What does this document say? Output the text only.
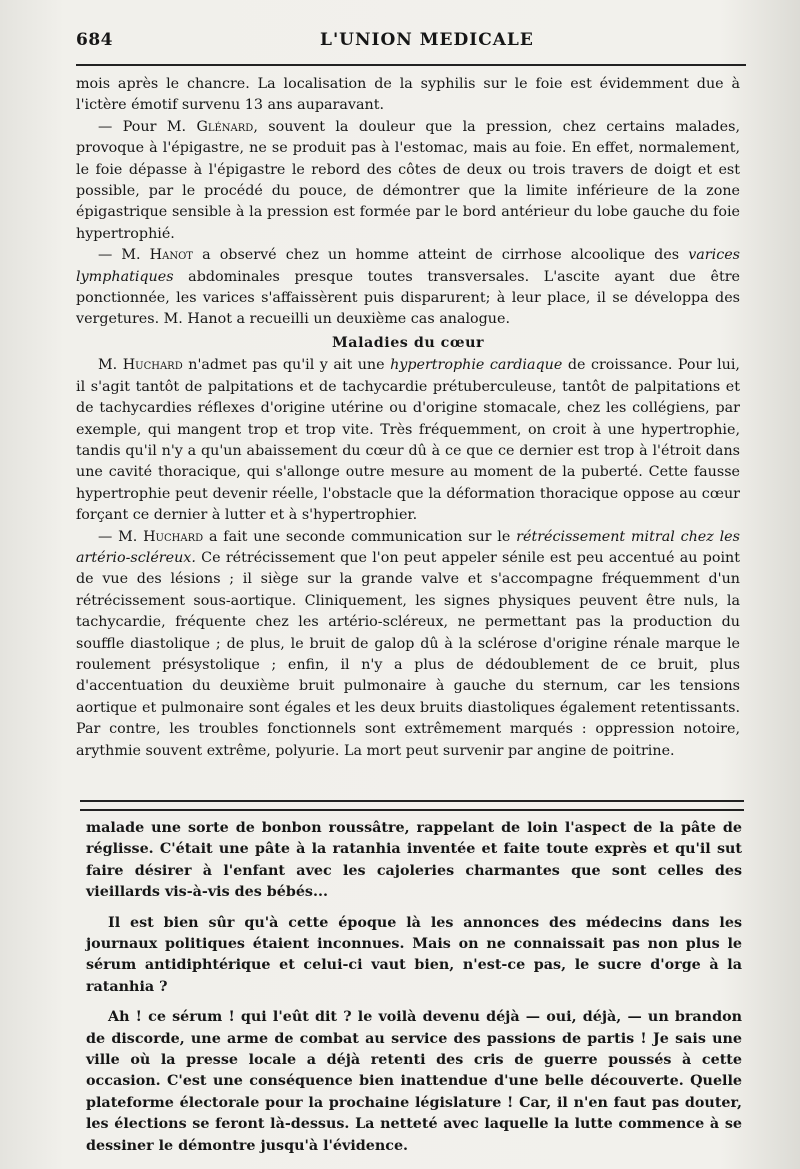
684	L'UNION MEDICALE

mois après le chancre. La localisation de la syphilis sur le foie est évidemment due à l'ictère émotif survenu 13 ans auparavant.

— Pour M. Glénard, souvent la douleur que la pression, chez certains malades, provoque à l'épigastre, ne se produit pas à l'estomac, mais au foie. En effet, normalement, le foie dépasse à l'épigastre le rebord des côtes de deux ou trois travers de doigt et est possible, par le procédé du pouce, de démontrer que la limite inférieure de la zone épigastrique sensible à la pression est formée par le bord antérieur du lobe gauche du foie hypertrophié.

— M. Hanot a observé chez un homme atteint de cirrhose alcoolique des varices lymphatiques abdominales presque toutes transversales. L'ascite ayant due être ponctionnée, les varices s'affaissèrent puis disparurent; à leur place, il se développa des vergetures. M. Hanot a recueilli un deuxième cas analogue.

Maladies du cœur

M. Huchard n'admet pas qu'il y ait une hypertrophie cardiaque de croissance. Pour lui, il s'agit tantôt de palpitations et de tachycardie prétuberculeuse, tantôt de palpitations et de tachycardies réflexes d'origine utérine ou d'origine stomacale, chez les collégiens, par exemple, qui mangent trop et trop vite. Très fréquemment, on croit à une hypertrophie, tandis qu'il n'y a qu'un abaissement du cœur dû à ce que ce dernier est trop à l'étroit dans une cavité thoracique, qui s'allonge outre mesure au moment de la puberté. Cette fausse hypertrophie peut devenir réelle, l'obstacle que la déformation thoracique oppose au cœur forçant ce dernier à lutter et à s'hypertrophier.

— M. Huchard a fait une seconde communication sur le rétrécissement mitral chez les artério-scléreux. Ce rétrécissement que l'on peut appeler sénile est peu accentué au point de vue des lésions ; il siège sur la grande valve et s'accompagne fréquemment d'un rétrécissement sous-aortique. Cliniquement, les signes physiques peuvent être nuls, la tachycardie, fréquente chez les artério-scléreux, ne permettant pas la production du souffle diastolique ; de plus, le bruit de galop dû à la sclérose d'origine rénale marque le roulement présystolique ; enfin, il n'y a plus de dédoublement de ce bruit, plus d'accentuation du deuxième bruit pulmonaire à gauche du sternum, car les tensions aortique et pulmonaire sont égales et les deux bruits diastoliques également retentissants. Par contre, les troubles fonctionnels sont extrêmement marqués : oppression notoire, arythmie souvent extrême, polyurie. La mort peut survenir par angine de poitrine.

malade une sorte de bonbon roussâtre, rappelant de loin l'aspect de la pâte de réglisse. C'était une pâte à la ratanhia inventée et faite toute exprès et qu'il sut faire désirer à l'enfant avec les cajoleries charmantes que sont celles des vieillards vis-à-vis des bébés...

Il est bien sûr qu'à cette époque là les annonces des médecins dans les journaux politiques étaient inconnues. Mais on ne connaissait pas non plus le sérum antidiphtérique et celui-ci vaut bien, n'est-ce pas, le sucre d'orge à la ratanhia ?

Ah ! ce sérum ! qui l'eût dit ? le voilà devenu déjà — oui, déjà, — un brandon de discorde, une arme de combat au service des passions de partis ! Je sais une ville où la presse locale a déjà retenti des cris de guerre poussés à cette occasion. C'est une conséquence bien inattendue d'une belle découverte. Quelle plateforme électorale pour la prochaine législature ! Car, il n'en faut pas douter, les élections se feront là-dessus. La netteté avec laquelle la lutte commence à se dessiner le démontre jusqu'à l'évidence.
